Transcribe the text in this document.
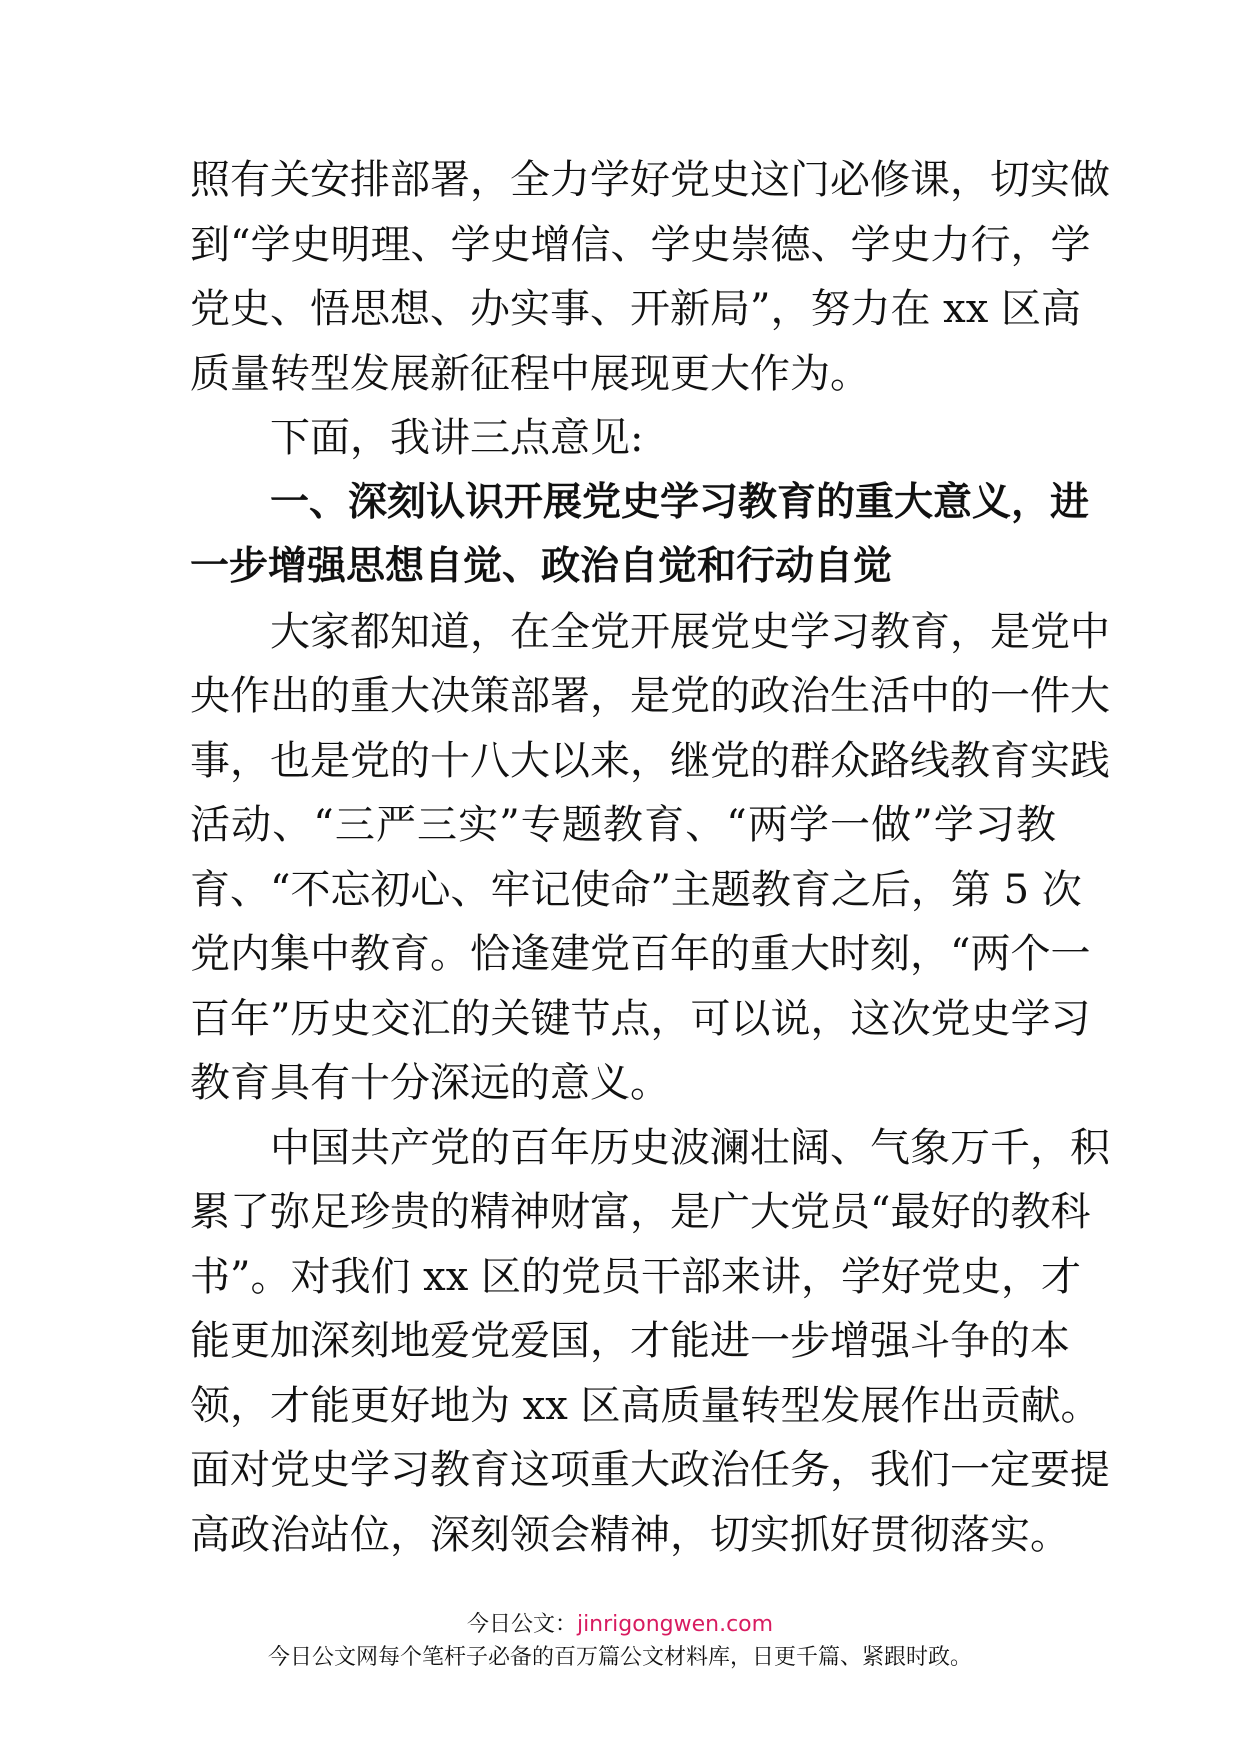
照有关安排部署，全力学好党史这门必修课，切实做
到“学史明理、学史增信、学史崇德、学史力行，学
党史、悟思想、办实事、开新局”，努力在 xx 区高
质量转型发展新征程中展现更大作为。
下面，我讲三点意见:
一、深刻认识开展党史学习教育的重大意义，进
一步增强思想自觉、政治自觉和行动自觉
大家都知道，在全党开展党史学习教育，是党中
央作出的重大决策部署，是党的政治生活中的一件大
事，也是党的十八大以来，继党的群众路线教育实践
活动、“三严三实”专题教育、“两学一做”学习教
育、“不忘初心、牢记使命”主题教育之后，第 5 次
党内集中教育。恰逢建党百年的重大时刻，“两个一
百年”历史交汇的关键节点，可以说，这次党史学习
教育具有十分深远的意义。
中国共产党的百年历史波澜壮阔、气象万千，积
累了弥足珍贵的精神财富，是广大党员“最好的教科
书”。对我们 xx 区的党员干部来讲，学好党史，才
能更加深刻地爱党爱国，才能进一步增强斗争的本
领，才能更好地为 xx 区高质量转型发展作出贡献。
面对党史学习教育这项重大政治任务，我们一定要提
高政治站位，深刻领会精神，切实抓好贯彻落实。
今日公文：jinrigongwen.com
今日公文网每个笔杆子必备的百万篇公文材料库，日更千篇、紧跟时政。
